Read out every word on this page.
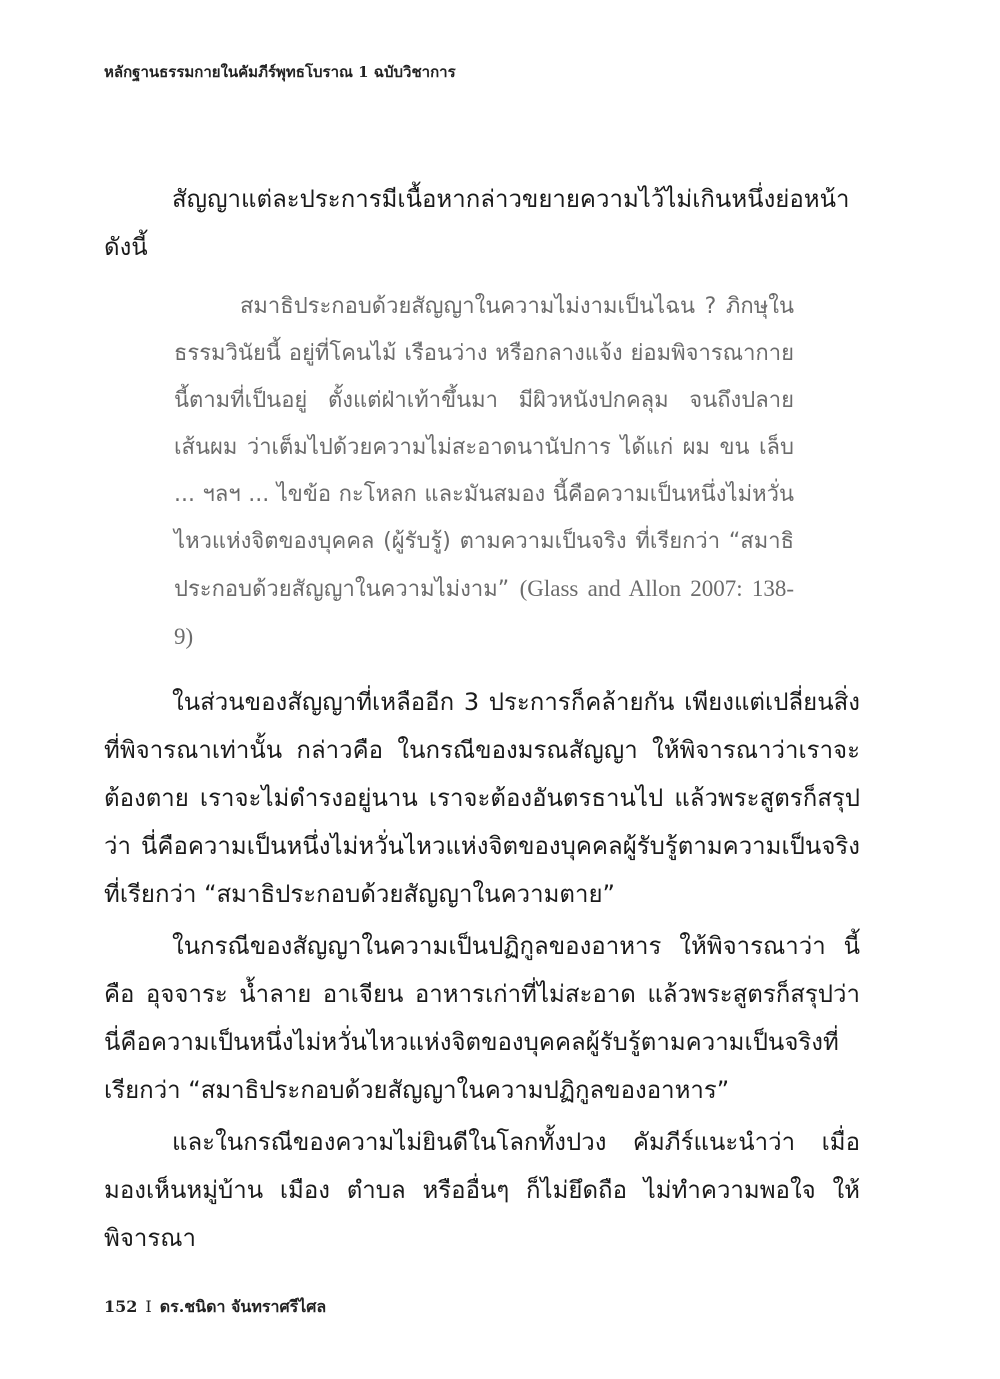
หลักฐานธรรมกายในคัมภีร์พุทธโบราณ 1 ฉบับวิชาการ

สัญญาแต่ละประการมีเนื้อหากล่าวขยายความไว้ไม่เกินหนึ่งย่อหน้า ดังนี้

สมาธิประกอบด้วยสัญญาในความไม่งามเป็นไฉน ? ภิกษุในธรรมวินัยนี้ อยู่ที่โคนไม้ เรือนว่าง หรือกลางแจ้ง ย่อมพิจารณากายนี้ตามที่เป็นอยู่ ตั้งแต่ฝ่าเท้าขึ้นมา มีผิวหนังปกคลุม จนถึงปลายเส้นผม ว่าเต็มไปด้วยความไม่สะอาดนานัปการ ได้แก่ ผม ขน เล็บ ... ฯลฯ ... ไขข้อ กะโหลก และมันสมอง นี้คือความเป็นหนึ่งไม่หวั่นไหวแห่งจิตของบุคคล (ผู้รับรู้) ตามความเป็นจริง ที่เรียกว่า “สมาธิประกอบด้วยสัญญาในความไม่งาม” (Glass and Allon 2007: 138-9)

ในส่วนของสัญญาที่เหลืออีก 3 ประการก็คล้ายกัน เพียงแต่เปลี่ยนสิ่งที่พิจารณาเท่านั้น กล่าวคือ ในกรณีของมรณสัญญา ให้พิจารณาว่าเราจะต้องตาย เราจะไม่ดำรงอยู่นาน เราจะต้องอันตรธานไป แล้วพระสูตรก็สรุปว่า นี่คือความเป็นหนึ่งไม่หวั่นไหวแห่งจิตของบุคคลผู้รับรู้ตามความเป็นจริงที่เรียกว่า “สมาธิประกอบด้วยสัญญาในความตาย”

ในกรณีของสัญญาในความเป็นปฏิกูลของอาหาร ให้พิจารณาว่า นี้คือ อุจจาระ น้ำลาย อาเจียน อาหารเก่าที่ไม่สะอาด แล้วพระสูตรก็สรุปว่า นี่คือความเป็นหนึ่งไม่หวั่นไหวแห่งจิตของบุคคลผู้รับรู้ตามความเป็นจริงที่เรียกว่า “สมาธิประกอบด้วยสัญญาในความปฏิกูลของอาหาร”

และในกรณีของความไม่ยินดีในโลกทั้งปวง คัมภีร์แนะนำว่า เมื่อมองเห็นหมู่บ้าน เมือง ตำบล หรืออื่นๆ ก็ไม่ยึดถือ ไม่ทำความพอใจ ให้พิจารณา

152 I ดร.ชนิดา จันทราศรีไศล
